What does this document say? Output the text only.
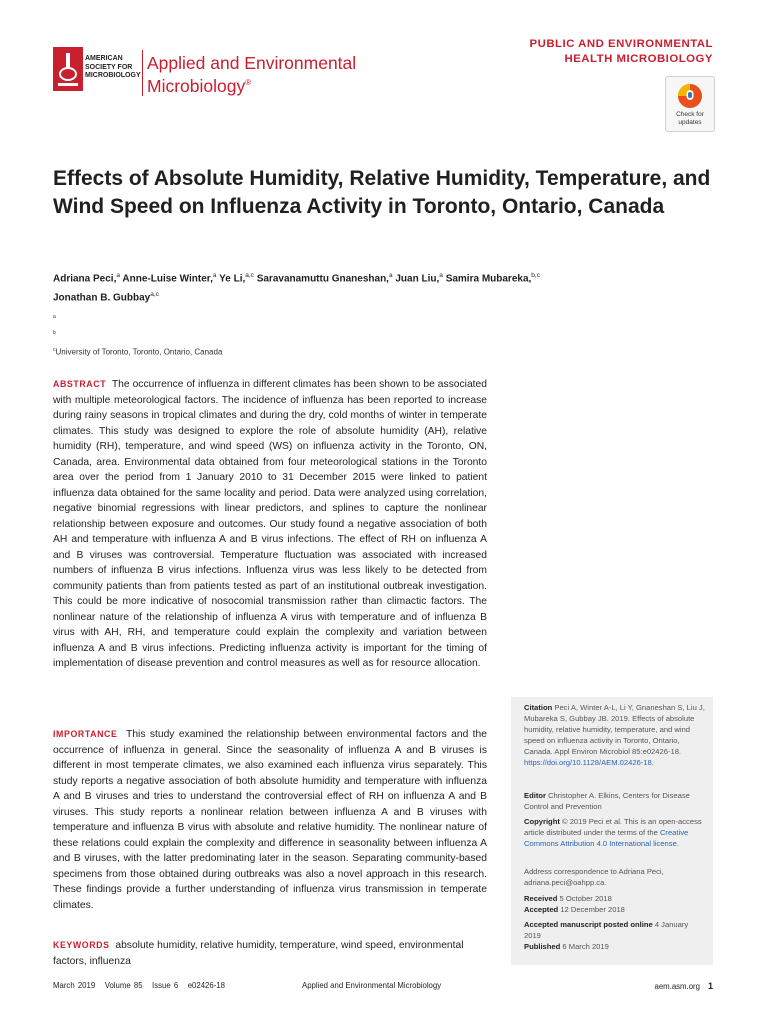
AMERICAN
SOCIETY FOR
MICROBIOLOGY
Applied and Environmental
Microbiology®
PUBLIC AND ENVIRONMENTAL
HEALTH MICROBIOLOGY
Check for
updates
Effects of Absolute Humidity, Relative Humidity, Temperature, and Wind Speed on Influenza Activity in Toronto, Ontario, Canada
Adriana Peci,$^a$ Anne-Luise Winter,$^a$ Ye Li,$^{a,c}$ Saravanamuttu Gnaneshan,$^a$ Juan Liu,$^a$ Samira Mubareka,$^{b,c}$
Jonathan B. Gubbay$^{a,c}$
$^a$
$^b$
$^c$University of Toronto, Toronto, Ontario, Canada
ABSTRACT The occurrence of influenza in different climates has been shown to be associated with multiple meteorological factors. The incidence of influenza has been reported to increase during rainy seasons in tropical climates and during the dry, cold months of winter in temperate climates. This study was designed to explore the role of absolute humidity (AH), relative humidity (RH), temperature, and wind speed (WS) on influenza activity in the Toronto, ON, Canada, area. Environmental data obtained from four meteorological stations in the Toronto area over the period from 1 January 2010 to 31 December 2015 were linked to patient influenza data obtained for the same locality and period. Data were analyzed using correlation, negative binomial regressions with linear predictors, and splines to capture the nonlinear relationship between exposure and outcomes. Our study found a negative association of both AH and temperature with influenza A and B virus infections. The effect of RH on influenza A and B viruses was controversial. Temperature fluctuation was associated with increased numbers of influenza B virus infections. Influenza virus was less likely to be detected from community patients than from patients tested as part of an institutional outbreak investigation. This could be more indicative of nosocomial transmission rather than climactic factors. The nonlinear nature of the relationship of influenza A virus with temperature and of influenza B virus with AH, RH, and temperature could explain the complexity and variation between influenza A and B virus infections. Predicting influenza activity is important for the timing of implementation of disease prevention and control measures as well as for resource allocation.
IMPORTANCE This study examined the relationship between environmental factors and the occurrence of influenza in general. Since the seasonality of influenza A and B viruses is different in most temperate climates, we also examined each influenza virus separately. This study reports a negative association of both absolute humidity and temperature with influenza A and B viruses and tries to understand the controversial effect of RH on influenza A and B viruses. This study reports a nonlinear relation between influenza A and B viruses with temperature and influenza B virus with absolute and relative humidity. The nonlinear nature of these relations could explain the complexity and difference in seasonality between influenza A and B viruses, with the latter predominating later in the season. Separating community-based specimens from those obtained during outbreaks was also a novel approach in this research. These findings provide a further understanding of influenza virus transmission in temperate climates.
KEYWORDS absolute humidity, relative humidity, temperature, wind speed, environmental factors, influenza
Citation Peci A, Winter A-L, Li Y, Gnaneshan S, Liu J, Mubareka S, Gubbay JB. 2019. Effects of absolute humidity, relative humidity, temperature, and wind speed on influenza activity in Toronto, Ontario, Canada. Appl Environ Microbiol 85:e02426-18. https://doi.org/10.1128/AEM.02426-18.
Editor Christopher A. Elkins, Centers for Disease Control and Prevention
Copyright © 2019 Peci et al. This is an open-access article distributed under the terms of the Creative Commons Attribution 4.0 International license.
Address correspondence to Adriana Peci, adriana.peci@oahpp.ca.
Received 5 October 2018
Accepted 12 December 2018
Accepted manuscript posted online 4 January 2019
Published 6 March 2019
March 2019 Volume 85 Issue 6 e02426-18	Applied and Environmental Microbiology	aem.asm.org 1
